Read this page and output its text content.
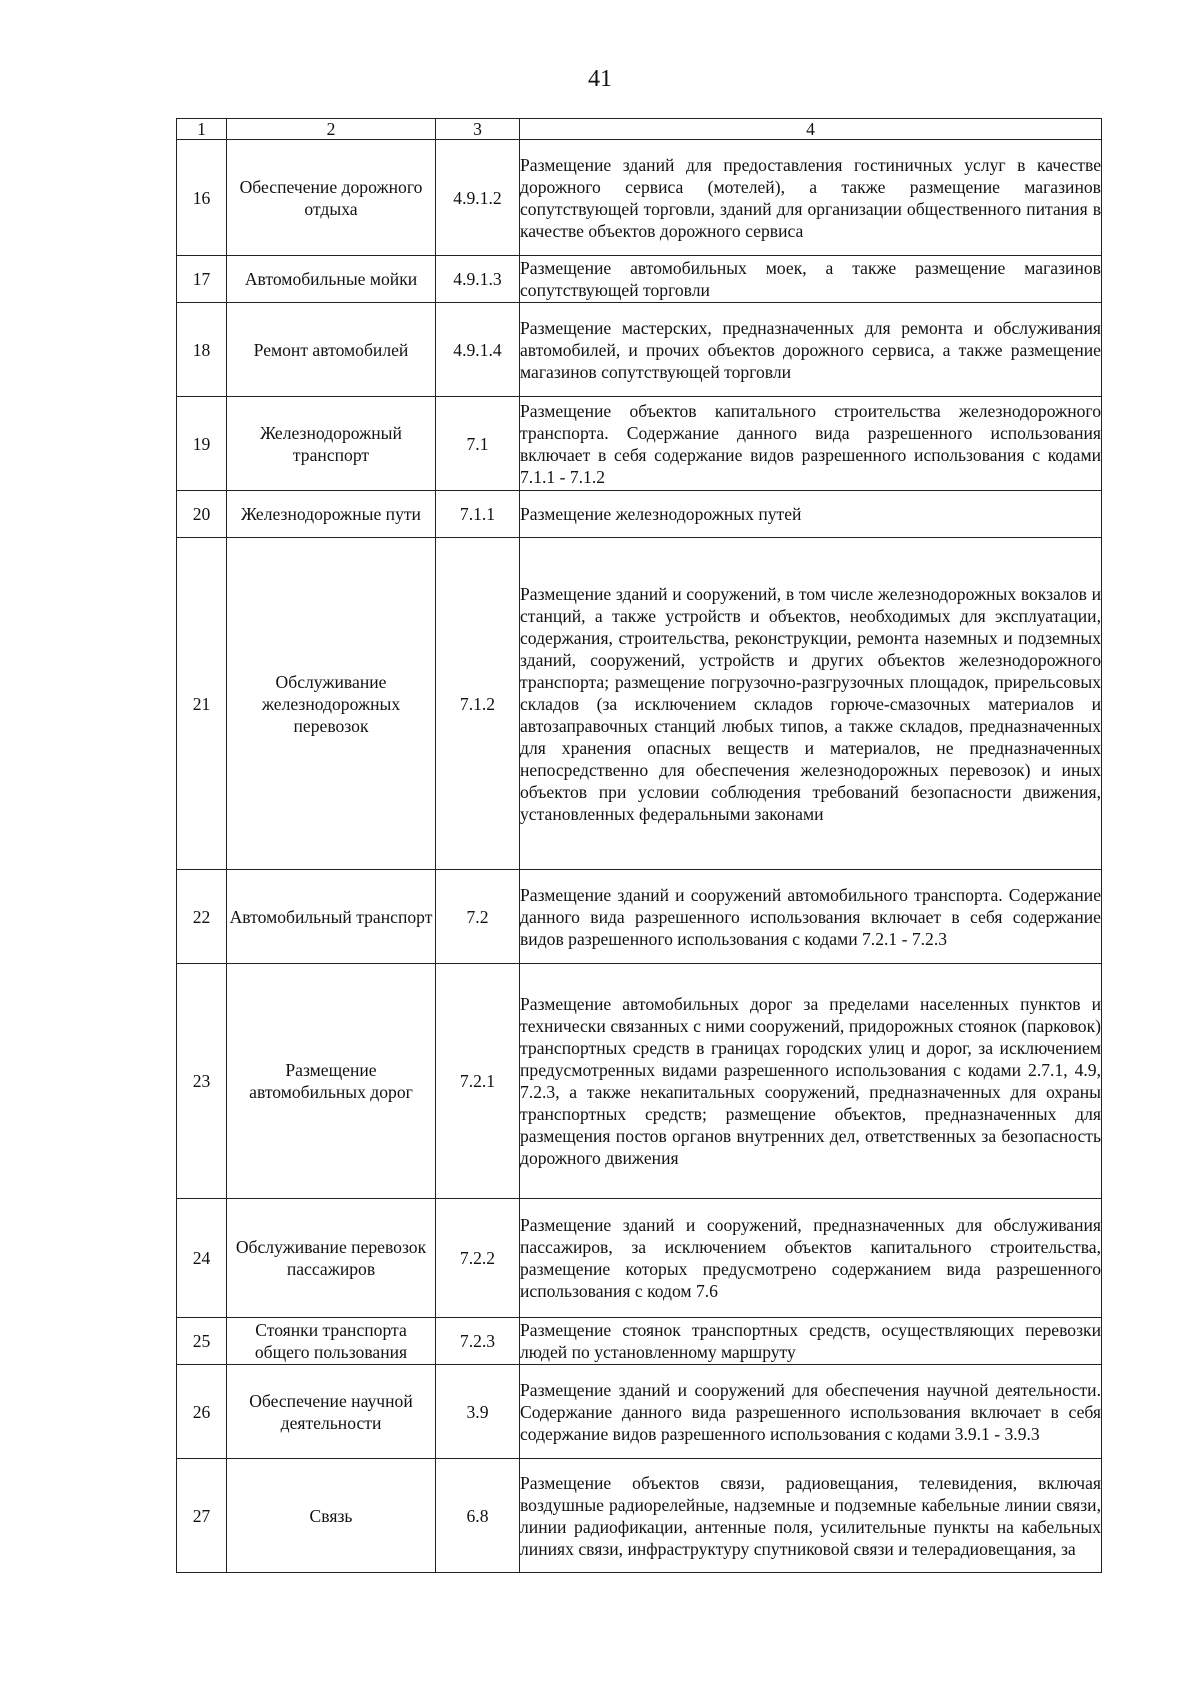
41
1	2	3	4
16	Обеспечение дорожного отдыха	4.9.1.2	Размещение зданий для предоставления гостиничных услуг в качестве дорожного сервиса (мотелей), а также размещение магазинов сопутствующей торговли, зданий для организации общественного питания в качестве объектов дорожного сервиса
17	Автомобильные мойки	4.9.1.3	Размещение автомобильных моек, а также размещение магазинов сопутствующей торговли
18	Ремонт автомобилей	4.9.1.4	Размещение мастерских, предназначенных для ремонта и обслуживания автомобилей, и прочих объектов дорожного сервиса, а также размещение магазинов сопутствующей торговли
19	Железнодорожный транспорт	7.1	Размещение объектов капитального строительства железнодорожного транспорта. Содержание данного вида разрешенного использования включает в себя содержание видов разрешенного использования с кодами 7.1.1 - 7.1.2
20	Железнодорожные пути	7.1.1	Размещение железнодорожных путей
21	Обслуживание железнодорожных перевозок	7.1.2	Размещение зданий и сооружений, в том числе железнодорожных вокзалов и станций, а также устройств и объектов, необходимых для эксплуатации, содержания, строительства, реконструкции, ремонта наземных и подземных зданий, сооружений, устройств и других объектов железнодорожного транспорта; размещение погрузочно-разгрузочных площадок, прирельсовых складов (за исключением складов горюче-смазочных материалов и автозаправочных станций любых типов, а также складов, предназначенных для хранения опасных веществ и материалов, не предназначенных непосредственно для обеспечения железнодорожных перевозок) и иных объектов при условии соблюдения требований безопасности движения, установленных федеральными законами
22	Автомобильный транспорт	7.2	Размещение зданий и сооружений автомобильного транспорта. Содержание данного вида разрешенного использования включает в себя содержание видов разрешенного использования с кодами 7.2.1 - 7.2.3
23	Размещение автомобильных дорог	7.2.1	Размещение автомобильных дорог за пределами населенных пунктов и технически связанных с ними сооружений, придорожных стоянок (парковок) транспортных средств в границах городских улиц и дорог, за исключением предусмотренных видами разрешенного использования с кодами 2.7.1, 4.9, 7.2.3, а также некапитальных сооружений, предназначенных для охраны транспортных средств; размещение объектов, предназначенных для размещения постов органов внутренних дел, ответственных за безопасность дорожного движения
24	Обслуживание перевозок пассажиров	7.2.2	Размещение зданий и сооружений, предназначенных для обслуживания пассажиров, за исключением объектов капитального строительства, размещение которых предусмотрено содержанием вида разрешенного использования с кодом 7.6
25	Стоянки транспорта общего пользования	7.2.3	Размещение стоянок транспортных средств, осуществляющих перевозки людей по установленному маршруту
26	Обеспечение научной деятельности	3.9	Размещение зданий и сооружений для обеспечения научной деятельности. Содержание данного вида разрешенного использования включает в себя содержание видов разрешенного использования с кодами 3.9.1 - 3.9.3
27	Связь	6.8	Размещение объектов связи, радиовещания, телевидения, включая воздушные радиорелейные, надземные и подземные кабельные линии связи, линии радиофикации, антенные поля, усилительные пункты на кабельных линиях связи, инфраструктуру спутниковой связи и телерадиовещания, за
